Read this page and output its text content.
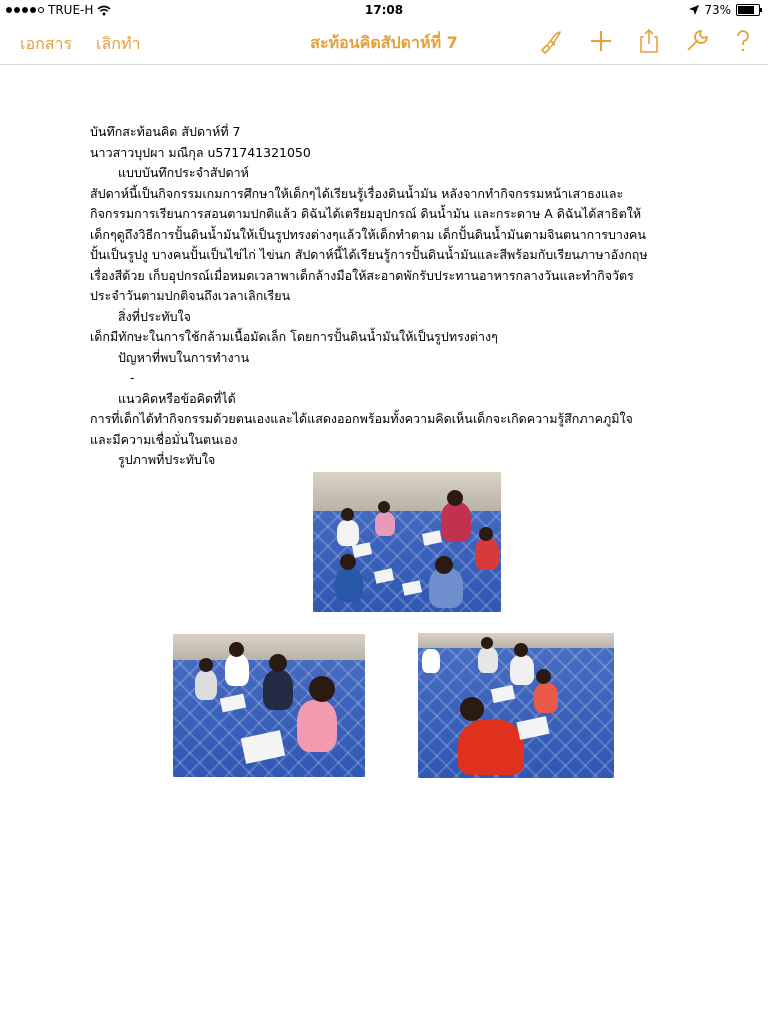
TRUE-H	17:08	73%
เอกสาร เลิกทำ	สะท้อนคิดสัปดาห์ที่ 7

บันทึกสะท้อนคิด สัปดาห์ที่ 7

นาวสาวบุปผา มณีกุล u571741321050

แบบบันทึกประจำสัปดาห์

สัปดาห์นี้เป็นกิจกรรมเกมการศึกษาให้เด็กๆได้เรียนรู้เรื่องดินน้ำมัน หลังจากทำกิจกรรมหน้าเสาธงและ

กิจกรรมการเรียนการสอนตามปกติแล้ว ดิฉันได้เตรียมอุปกรณ์ ดินน้ำมัน และกระดาษ A ดิฉันได้สาธิตให้

เด็กๆดูถึงวิธีการปั้นดินน้ำมันให้เป็นรูปทรงต่างๆแล้วให้เด็กทำตาม เด็กปั้นดินน้ำมันตามจินตนาการบางคน

ปั้นเป็นรูปงู บางคนปั้นเป็นไข่ไก่ ไข่นก สัปดาห์นี้ได้เรียนรู้การปั้นดินน้ำมันและสีพร้อมกับเรียนภาษาอังกฤษ

เรื่องสีด้วย เก็บอุปกรณ์เมื่อหมดเวลาพาเด็กล้างมือให้สะอาดพักรับประทานอาหารกลางวันและทำกิจวัตร

ประจำวันตามปกติจนถึงเวลาเลิกเรียน

สิ่งที่ประทับใจ

เด็กมีทักษะในการใช้กล้ามเนื้อมัดเล็ก โดยการปั้นดินน้ำมันให้เป็นรูปทรงต่างๆ

ปัญหาที่พบในการทำงาน

-

แนวคิดหรือข้อคิดที่ได้

การที่เด็กได้ทำกิจกรรมด้วยตนเองและได้แสดงออกพร้อมทั้งความคิดเห็นเด็กจะเกิดความรู้สึกภาคภูมิใจ

และมีความเชื่อมั่นในตนเอง

รูปภาพที่ประทับใจ
